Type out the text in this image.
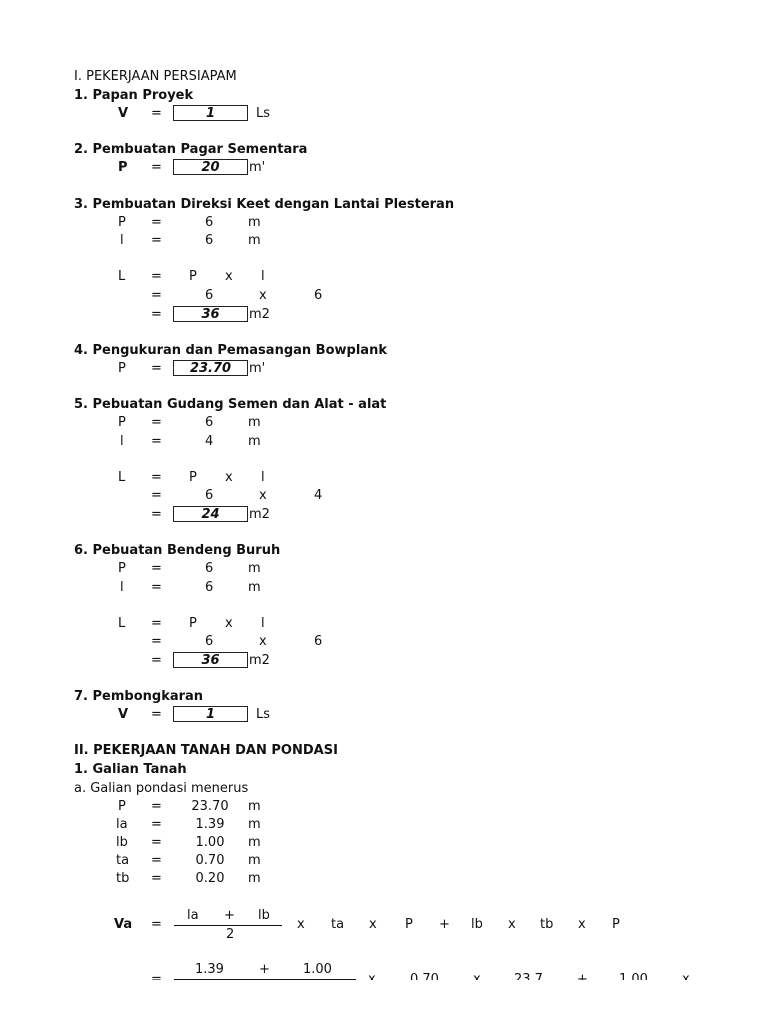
I. PEKERJAAN PERSIAPAM
1. Papan Proyek
V =	1	Ls
2. Pembuatan Pagar Sementara
P =	20	m'
3. Pembuatan Direksi Keet dengan Lantai Plesteran
P =	6	m
l =	6	m
L = P x l
=	6	x	6
=	36	m2
4. Pengukuran dan Pemasangan Bowplank
P =	23.70	m'
5. Pebuatan Gudang Semen dan Alat - alat
P =	6	m
l =	4	m
L = P x l
=	6	x	4
=	24	m2
6. Pebuatan Bendeng Buruh
P =	6	m
l =	6	m
L = P x l
=	6	x	6
=	36	m2
7. Pembongkaran
V =	1	Ls
II. PEKERJAAN TANAH DAN PONDASI
1. Galian Tanah
a. Galian pondasi menerus
P =	23.70	m
la =	1.39	m
lb =	1.00	m
ta =	0.70	m
tb =	0.20	m
Va =
la + lb
2
x ta x P + lb x tb x P
1.39	+	1.00
